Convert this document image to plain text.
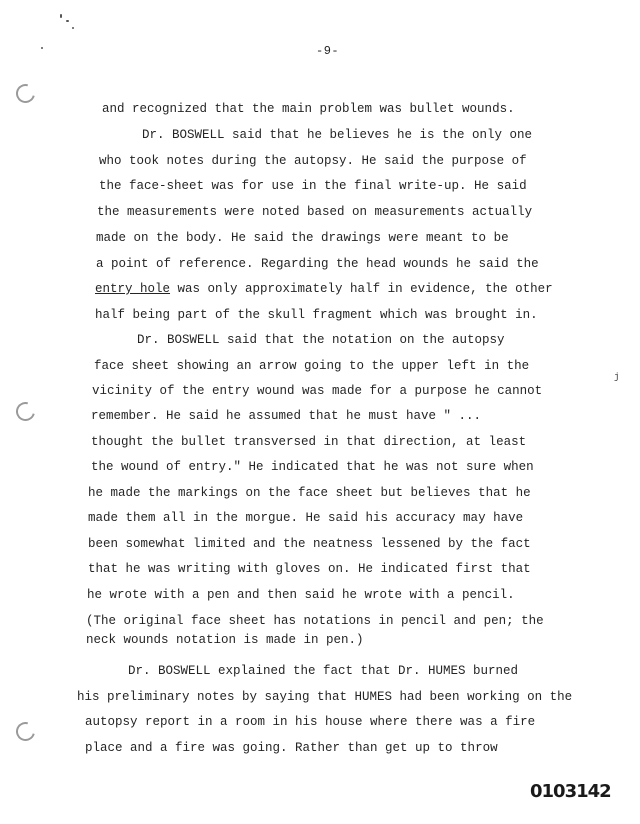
-9-
and recognized that the main problem was bullet wounds.
Dr. BOSWELL said that he believes he is the only one
who took notes during the autopsy. He said the purpose of
the face-sheet was for use in the final write-up. He said
the measurements were noted based on measurements actually
made on the body. He said the drawings were meant to be
a point of reference. Regarding the head wounds he said the
entry hole was only approximately half in evidence, the other
half being part of the skull fragment which was brought in.
Dr. BOSWELL said that the notation on the autopsy
face sheet showing an arrow going to the upper left in the
vicinity of the entry wound was made for a purpose he cannot
remember. He said he assumed that he must have " ...
thought the bullet transversed in that direction, at least
the wound of entry." He indicated that he was not sure when
he made the markings on the face sheet but believes that he
made them all in the morgue. He said his accuracy may have
been somewhat limited and the neatness lessened by the fact
that he was writing with gloves on. He indicated first that
he wrote with a pen and then said he wrote with a pencil.
(The original face sheet has notations in pencil and pen; the
neck wounds notation is made in pen.)
Dr. BOSWELL explained the fact that Dr. HUMES burned
his preliminary notes by saying that HUMES had been working on the
autopsy report in a room in his house where there was a fire
place and a fire was going. Rather than get up to throw
j
0103142
